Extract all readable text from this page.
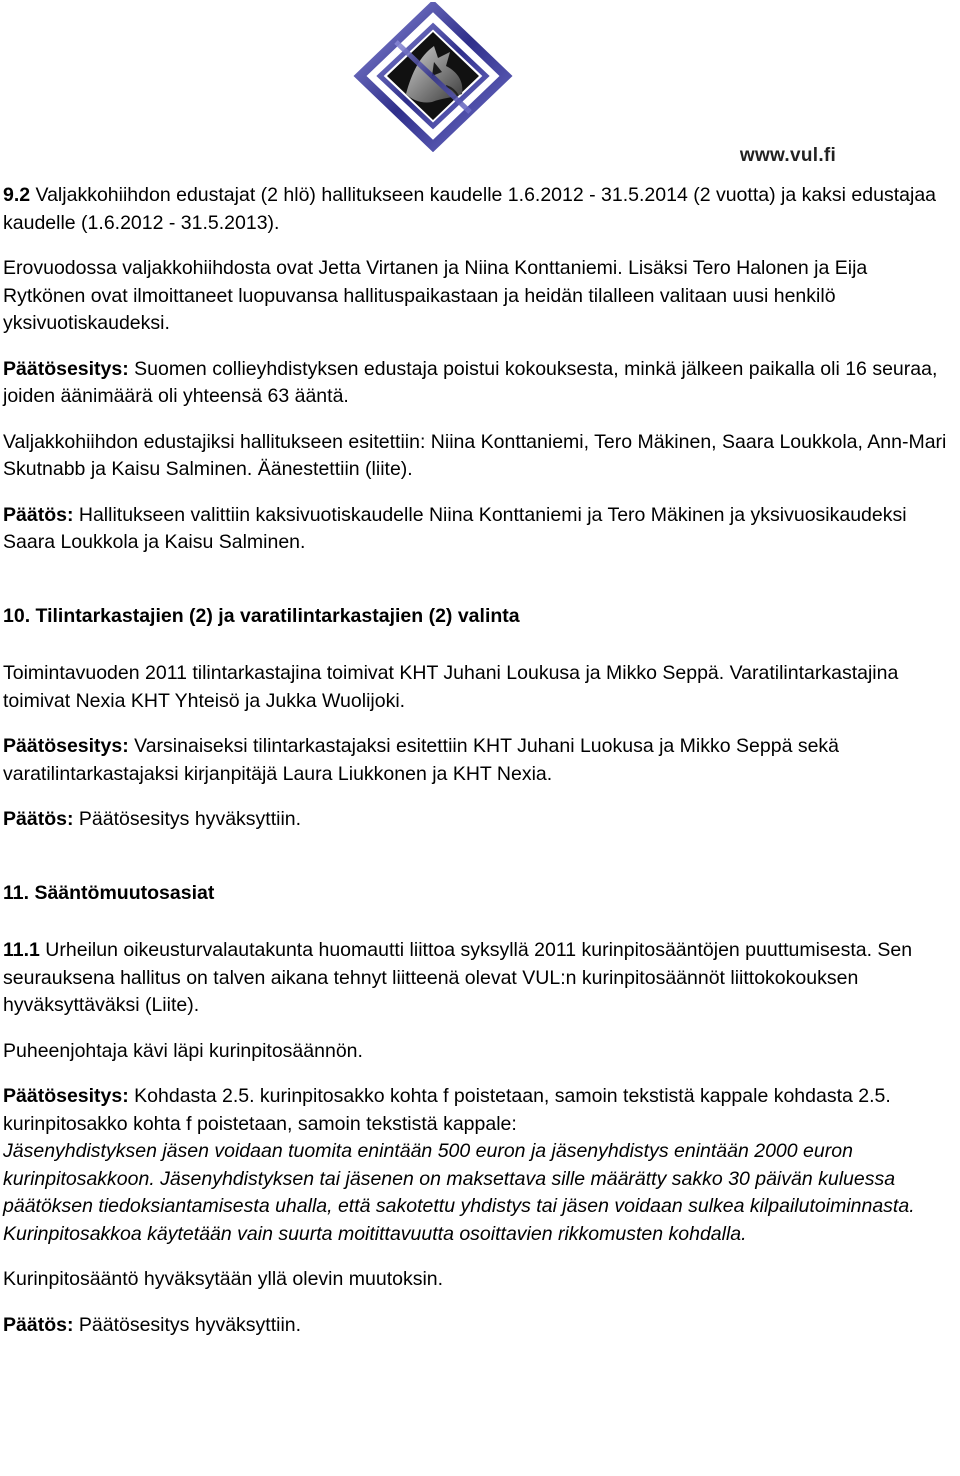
www.vul.fi

9.2 Valjakkohiihdon edustajat (2 hlö) hallitukseen kaudelle 1.6.2012 - 31.5.2014 (2 vuotta) ja kaksi edustajaa kaudelle (1.6.2012 - 31.5.2013).

Erovuodossa valjakkohiihdosta ovat Jetta Virtanen ja Niina Konttaniemi. Lisäksi Tero Halonen ja Eija Rytkönen ovat ilmoittaneet luopuvansa hallituspaikastaan ja heidän tilalleen valitaan uusi henkilö yksivuotiskaudeksi.

Päätösesitys: Suomen collieyhdistyksen edustaja poistui kokouksesta, minkä jälkeen paikalla oli 16 seuraa, joiden äänimäärä oli yhteensä 63 ääntä.

Valjakkohiihdon edustajiksi hallitukseen esitettiin: Niina Konttaniemi, Tero Mäkinen, Saara Loukkola, Ann-Mari Skutnabb ja Kaisu Salminen. Äänestettiin (liite).

Päätös: Hallitukseen valittiin kaksivuotiskaudelle Niina Konttaniemi ja Tero Mäkinen ja yksivuosikaudeksi Saara Loukkola ja Kaisu Salminen.

10. Tilintarkastajien (2) ja varatilintarkastajien (2) valinta

Toimintavuoden 2011 tilintarkastajina toimivat KHT Juhani Loukusa ja Mikko Seppä. Varatilintarkastajina toimivat Nexia KHT Yhteisö ja Jukka Wuolijoki.

Päätösesitys: Varsinaiseksi tilintarkastajaksi esitettiin KHT Juhani Luokusa ja Mikko Seppä sekä varatilintarkastajaksi kirjanpitäjä Laura Liukkonen ja KHT Nexia.

Päätös: Päätösesitys hyväksyttiin.

11. Sääntömuutosasiat

11.1 Urheilun oikeusturvalautakunta huomautti liittoa syksyllä 2011 kurinpitosääntöjen puuttumisesta. Sen seurauksena hallitus on talven aikana tehnyt liitteenä olevat VUL:n kurinpitosäännöt liittokokouksen hyväksyttäväksi (Liite).

Puheenjohtaja kävi läpi kurinpitosäännön.

Päätösesitys: Kohdasta 2.5. kurinpitosakko kohta f poistetaan, samoin tekstistä kappale kohdasta 2.5. kurinpitosakko kohta f poistetaan, samoin tekstistä kappale:

Jäsenyhdistyksen jäsen voidaan tuomita enintään 500 euron ja jäsenyhdistys enintään 2000 euron kurinpitosakkoon. Jäsenyhdistyksen tai jäsenen on maksettava sille määrätty sakko 30 päivän kuluessa päätöksen tiedoksiantamisesta uhalla, että sakotettu yhdistys tai jäsen voidaan sulkea kilpailutoiminnasta. Kurinpitosakkoa käytetään vain suurta moitittavuutta osoittavien rikkomusten kohdalla.

Kurinpitosääntö hyväksytään yllä olevin muutoksin.

Päätös: Päätösesitys hyväksyttiin.
